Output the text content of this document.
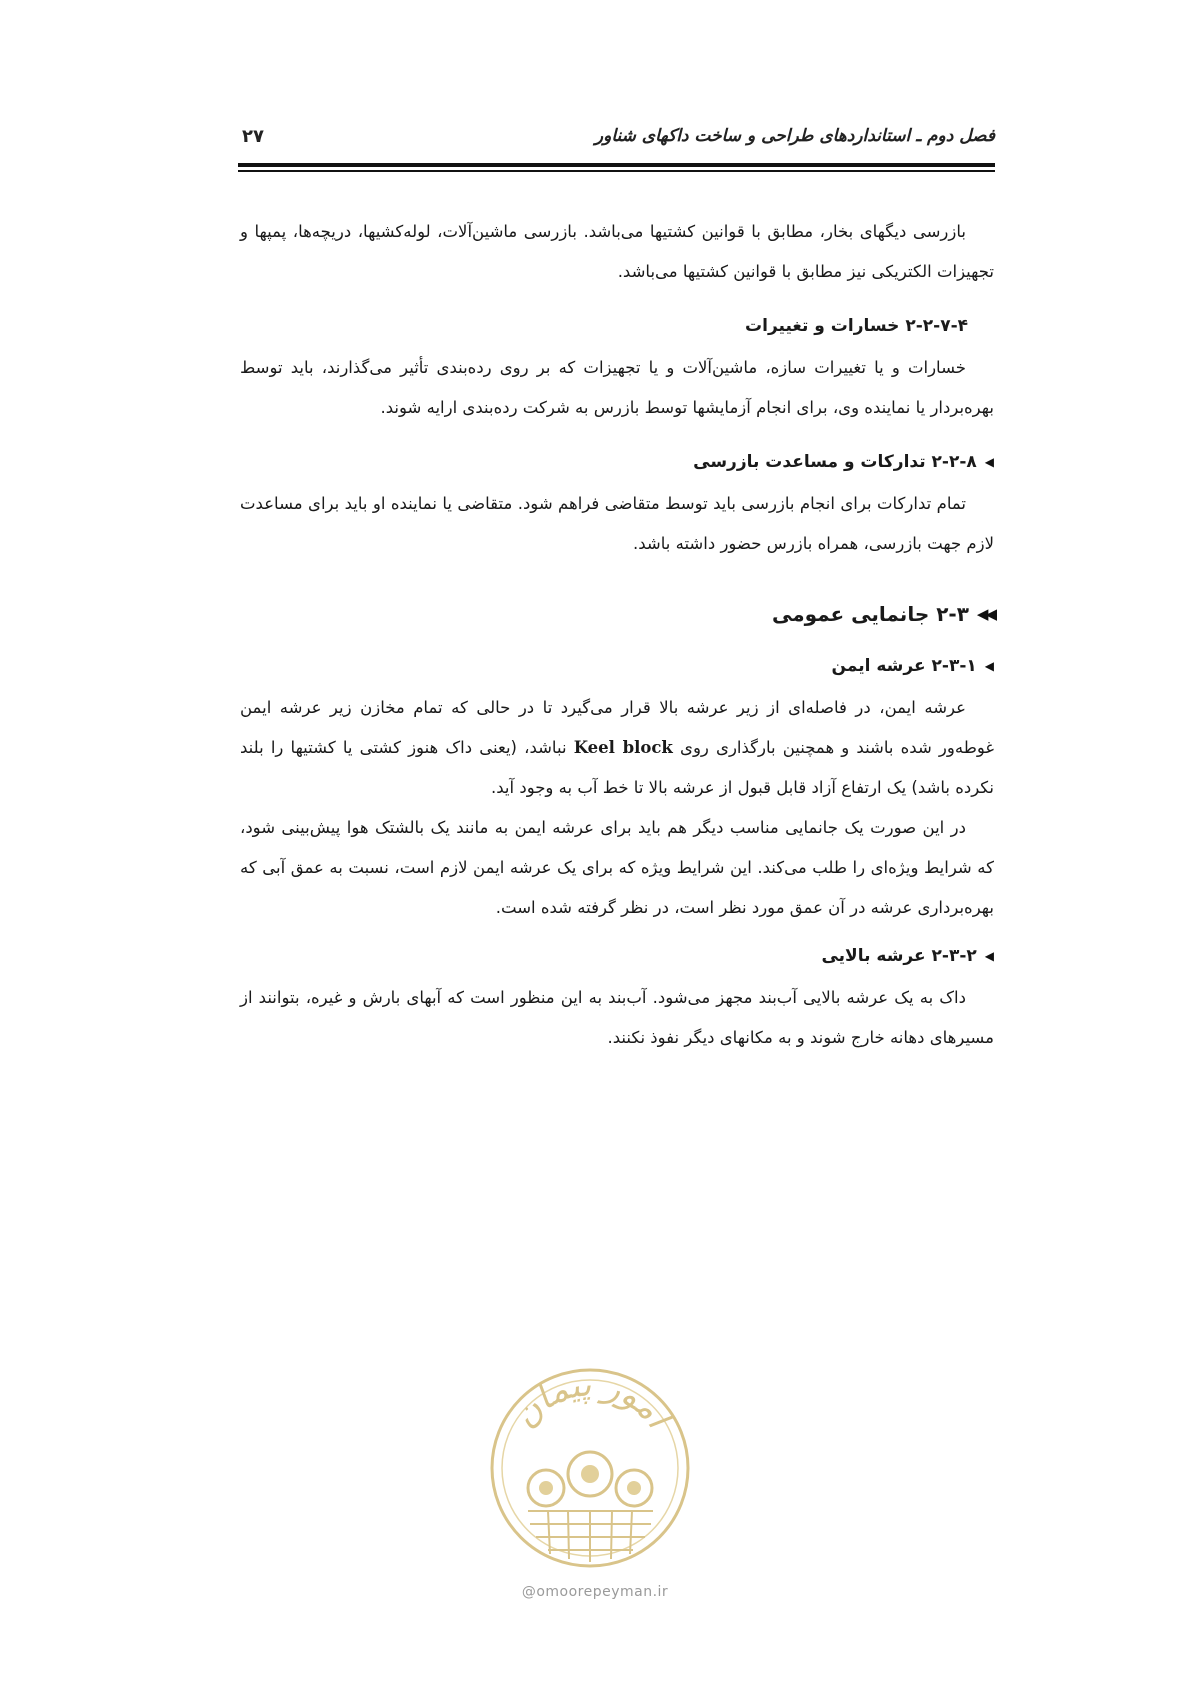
فصل دوم ـ استانداردهای طراحی و ساخت داکهای شناور
۲۷

بازرسی دیگهای بخار، مطابق با قوانین کشتیها می‌باشد. بازرسی ماشین‌آلات، لوله‌کشیها، دریچه‌ها، پمپها و تجهیزات الکتریکی نیز مطابق با قوانین کشتیها می‌باشد.

۲-۲-۷-۴ خسارات و تغییرات

خسارات و یا تغییرات سازه، ماشین‌آلات و یا تجهیزات که بر روی رده‌بندی تأثیر می‌گذارند، باید توسط بهره‌بردار یا نماینده وی، برای انجام آزمایشها توسط بازرس به شرکت رده‌بندی ارایه شوند.

◀
۲-۲-۸ تدارکات و مساعدت بازرسی

تمام تدارکات برای انجام بازرسی باید توسط متقاضی فراهم شود. متقاضی یا نماینده او باید برای مساعدت لازم جهت بازرسی، همراه بازرس حضور داشته باشد.

◀◀
۲-۳ جانمایی عمومی
◀
۲-۳-۱ عرشه ایمن

عرشه ایمن، در فاصله‌ای از زیر عرشه بالا قرار می‌گیرد تا در حالی که تمام مخازن زیر عرشه ایمن غوطه‌ور شده باشند و همچنین بارگذاری روی Keel block نباشد، (یعنی داک هنوز کشتی یا کشتیها را بلند نکرده باشد) یک ارتفاع آزاد قابل قبول از عرشه بالا تا خط آب به وجود آید.

در این صورت یک جانمایی مناسب دیگر هم باید برای عرشه ایمن به مانند یک بالشتک هوا پیش‌بینی شود، که شرایط ویژه‌ای را طلب می‌کند. این شرایط ویژه که برای یک عرشه ایمن لازم است، نسبت به عمق آبی که بهره‌برداری عرشه در آن عمق مورد نظر است، در نظر گرفته شده است.

◀
۲-۳-۲ عرشه بالایی

داک به یک عرشه بالایی آب‌بند مجهز می‌شود. آب‌بند به این منظور است که آبهای بارش و غیره، بتوانند از مسیرهای دهانه خارج شوند و به مکانهای دیگر نفوذ نکنند.

امور پیمان
@omoorepeyman.ir
